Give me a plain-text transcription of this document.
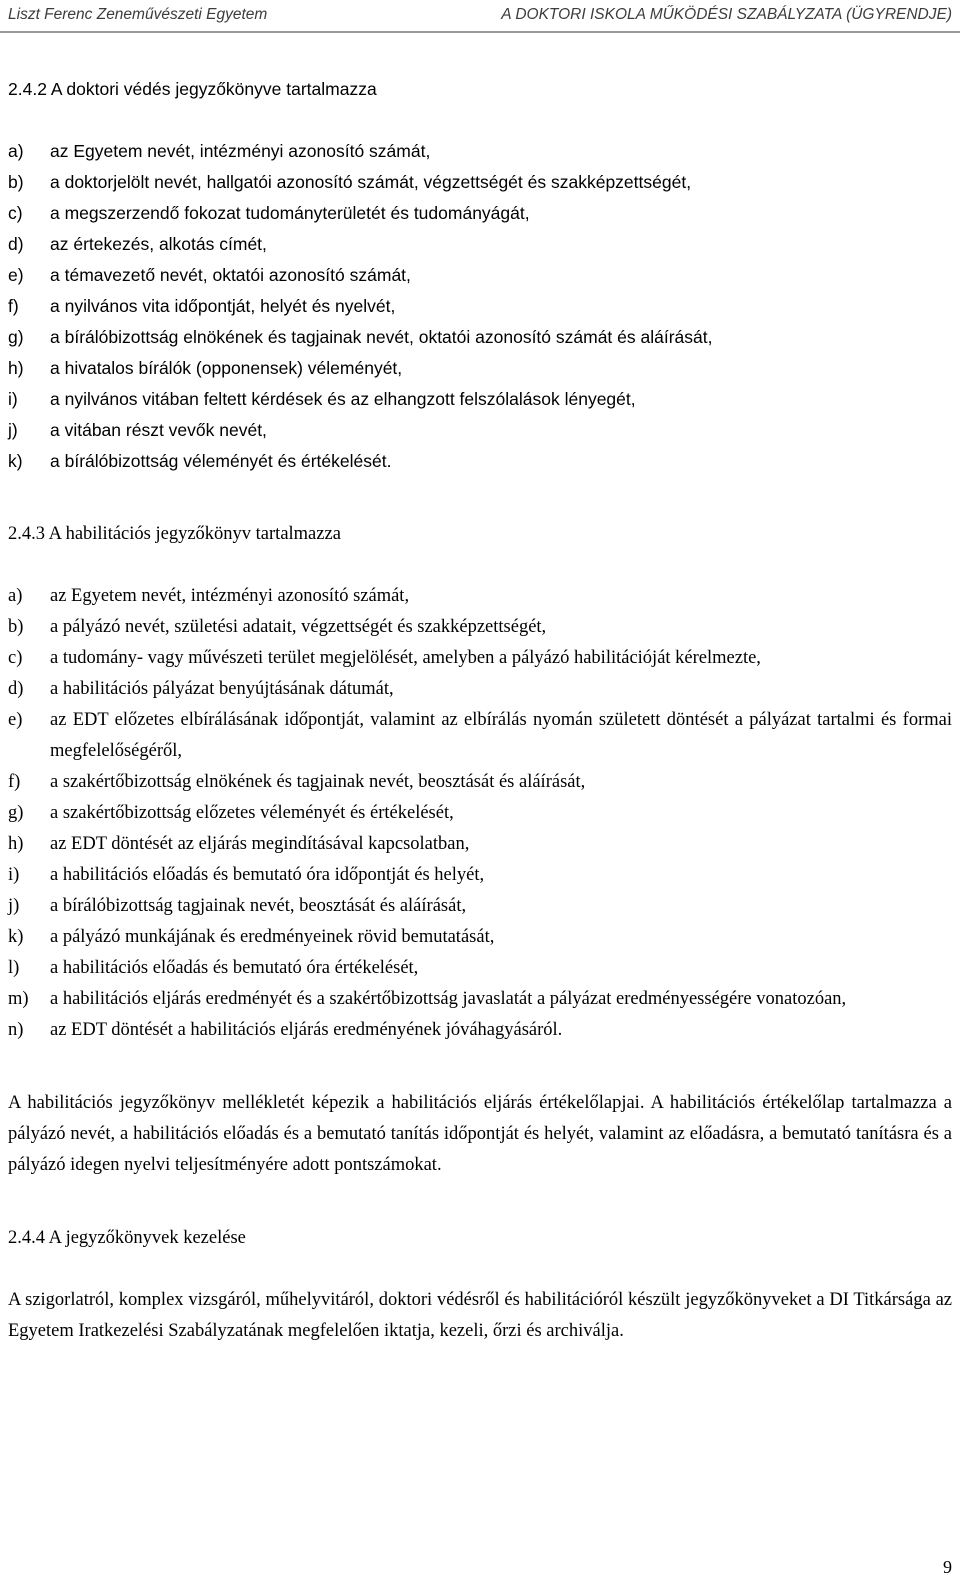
Liszt Ferenc Zeneművészeti Egyetem	A DOKTORI ISKOLA MŰKÖDÉSI SZABÁLYZATA (ÜGYRENDJE)

2.4.2 A doktori védés jegyzőkönyve tartalmazza

a)	az Egyetem nevét, intézményi azonosító számát,
b)	a doktorjelölt nevét, hallgatói azonosító számát, végzettségét és szakképzettségét,
c)	a megszerzendő fokozat tudományterületét és tudományágát,
d)	az értekezés, alkotás címét,
e)	a témavezető nevét, oktatói azonosító számát,
f)	a nyilvános vita időpontját, helyét és nyelvét,
g)	a bírálóbizottság elnökének és tagjainak nevét, oktatói azonosító számát és aláírását,
h)	a hivatalos bírálók (opponensek) véleményét,
i)	a nyilvános vitában feltett kérdések és az elhangzott felszólalások lényegét,
j)	a vitában részt vevők nevét,
k)	a bírálóbizottság véleményét és értékelését.

2.4.3 A habilitációs jegyzőkönyv tartalmazza

a)	az Egyetem nevét, intézményi azonosító számát,
b)	a pályázó nevét, születési adatait, végzettségét és szakképzettségét,
c)	a tudomány- vagy művészeti terület megjelölését, amelyben a pályázó habilitációját kérelmezte,
d)	a habilitációs pályázat benyújtásának dátumát,
e)	az EDT előzetes elbírálásának időpontját, valamint az elbírálás nyomán született döntését a pályázat tartalmi és formai megfelelőségéről,
f)	a szakértőbizottság elnökének és tagjainak nevét, beosztását és aláírását,
g)	a szakértőbizottság előzetes véleményét és értékelését,
h)	az EDT döntését az eljárás megindításával kapcsolatban,
i)	a habilitációs előadás és bemutató óra időpontját és helyét,
j)	a bírálóbizottság tagjainak nevét, beosztását és aláírását,
k)	a pályázó munkájának és eredményeinek rövid bemutatását,
l)	a habilitációs előadás és bemutató óra értékelését,
m)	a habilitációs eljárás eredményét és a szakértőbizottság javaslatát a pályázat eredményességére vonatozóan,
n)	az EDT döntését a habilitációs eljárás eredményének jóváhagyásáról.

A habilitációs jegyzőkönyv mellékletét képezik a habilitációs eljárás értékelőlapjai. A habilitációs értékelőlap tartalmazza a pályázó nevét, a habilitációs előadás és a bemutató tanítás időpontját és helyét, valamint az előadásra, a bemutató tanításra és a pályázó idegen nyelvi teljesítményére adott pontszámokat.

2.4.4 A jegyzőkönyvek kezelése

A szigorlatról, komplex vizsgáról, műhelyvitáról, doktori védésről és habilitációról készült jegyzőkönyveket a DI Titkársága az Egyetem Iratkezelési Szabályzatának megfelelően iktatja, kezeli, őrzi és archiválja.

9
